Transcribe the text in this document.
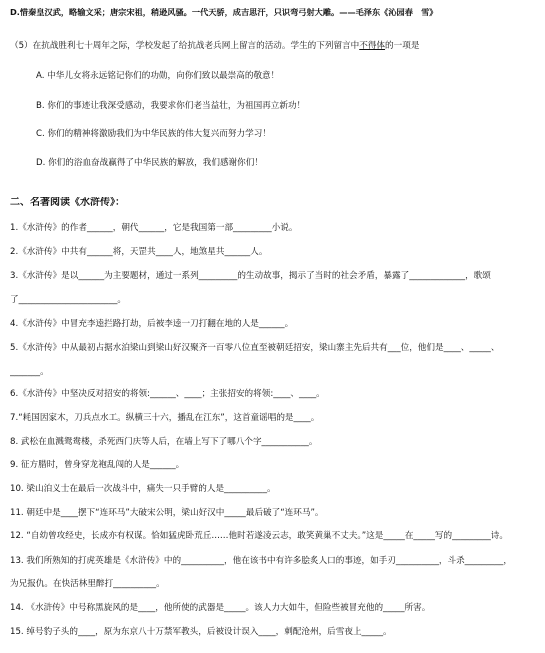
D.惜秦皇汉武，略输文采；唐宗宋祖，稍逊风骚。一代天骄，成吉思汗，只识弯弓射大雕。——毛泽东《沁园春　雪》
（5）在抗战胜利七十周年之际，学校发起了给抗战老兵网上留言的活动。学生的下列留言中不得体的一项是
A. 中华儿女将永远铭记你们的功勋，向你们致以最崇高的敬意！
B. 你们的事迹让我深受感动，我要求你们老当益壮，为祖国再立新功！
C. 你们的精神将激励我们为中华民族的伟大复兴而努力学习！
D. 你们的浴血奋战赢得了中华民族的解放，我们感谢你们！
二、名著阅读《水浒传》：
1.《水浒传》的作者______，朝代______，它是我国第一部_________小说。
2.《水浒传》中共有______将，天罡共____人，地煞星共______人。
3.《水浒传》是以______为主要题材，通过一系列_________的生动故事，揭示了当时的社会矛盾，暴露了_____________，歌颂
了_______________________。
4.《水浒传》中冒充李逵拦路打劫，后被李逵一刀打翻在地的人是______。
5.《水浒传》中从最初占据水泊梁山到梁山好汉聚齐一百零八位直至被朝廷招安，梁山寨主先后共有___位，他们是____、_____、
_______。
6.《水浒传》中坚决反对招安的将领:______、____；主张招安的将领:____、____。
7.“耗国因家木，刀兵点水工。纵横三十六，播乱在江东”，这首童谣唱的是____。
8. 武松在血溅鸳鸯楼，杀死西门庆等人后，在墙上写下了哪八个字___________。
9. 征方腊时，曾身穿龙袍乱闯的人是______。
10. 梁山泊义士在最后一次战斗中，痛失一只手臂的人是__________。
11. 朝廷中是____摆下“连环马”大破宋公明，梁山好汉中_____最后破了“连环马”。
12. “自幼曾攻经史，长成亦有权谋。恰如猛虎卧荒丘……他时若遂凌云志，敢笑黄巢不丈夫。”这是_____在_____写的_________诗。
13. 我们所熟知的打虎英雄是《水浒传》中的__________，他在该书中有许多脍炙人口的事迹，如手刃__________，斗杀_________，
为兄报仇。在快活林里醉打__________。
14. 《水浒传》中号称黑旋风的是____，他所使的武器是_____。该人力大如牛，但险些被冒充他的_____所害。
15. 绰号豹子头的____，原为东京八十万禁军教头，后被设计误入____，刺配沧州，后雪夜上_____。
